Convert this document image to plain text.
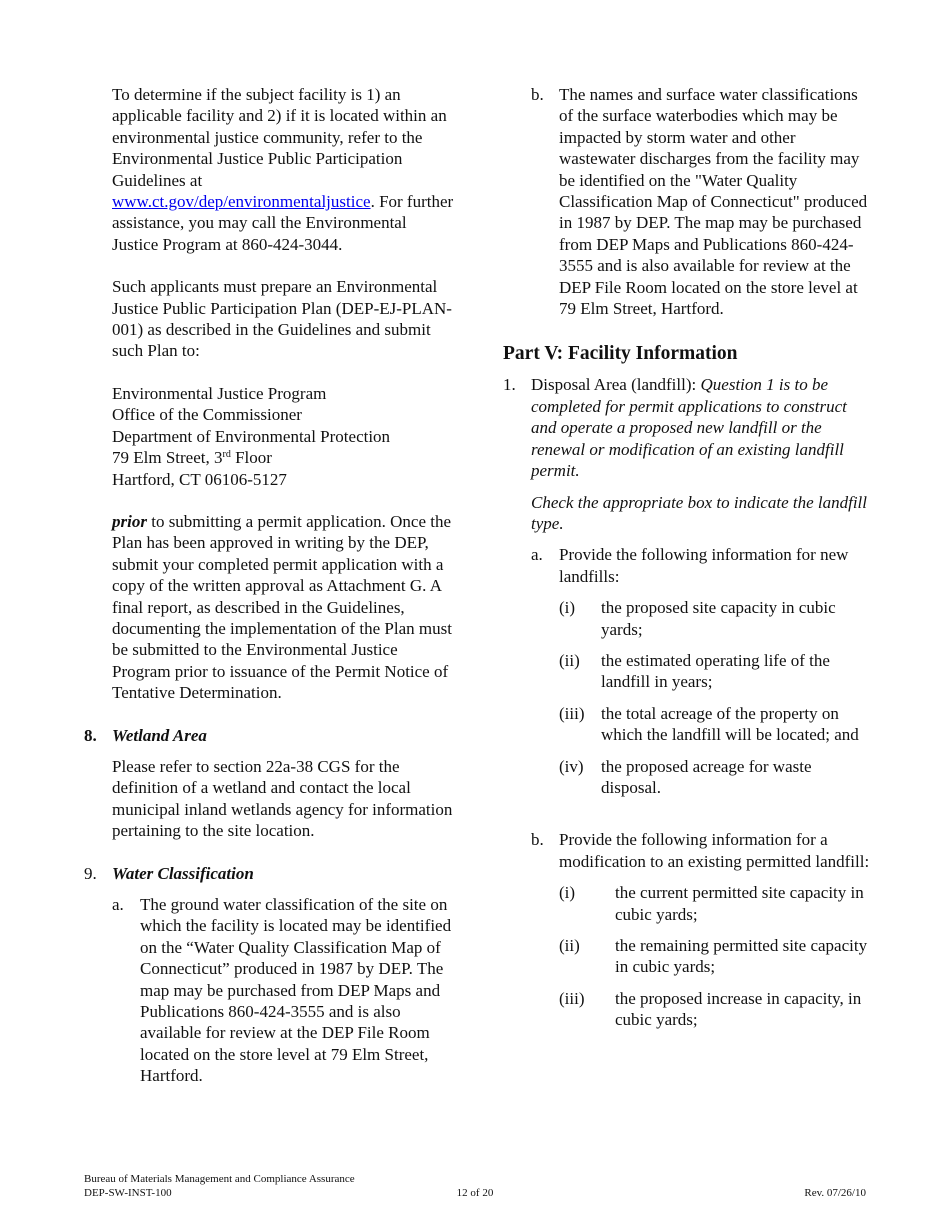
To determine if the subject facility is 1) an applicable facility and 2) if it is located within an environmental justice community, refer to the Environmental Justice Public Participation Guidelines at www.ct.gov/dep/environmentaljustice. For further assistance, you may call the Environmental Justice Program at 860-424-3044.

Such applicants must prepare an Environmental Justice Public Participation Plan (DEP-EJ-PLAN-001) as described in the Guidelines and submit such Plan to:

Environmental Justice Program

Office of the Commissioner

Department of Environmental Protection

79 Elm Street, 3rd Floor

Hartford, CT 06106-5127

prior to submitting a permit application. Once the Plan has been approved in writing by the DEP, submit your completed permit application with a copy of the written approval as Attachment G. A final report, as described in the Guidelines, documenting the implementation of the Plan must be submitted to the Environmental Justice Program prior to issuance of the Permit Notice of Tentative Determination.

8. Wetland Area

Please refer to section 22a-38 CGS for the definition of a wetland and contact the local municipal inland wetlands agency for information pertaining to the site location.

9. Water Classification
a. The ground water classification of the site on which the facility is located may be identified on the “Water Quality Classification Map of Connecticut” produced in 1987 by DEP. The map may be purchased from DEP Maps and Publications 860-424-3555 and is also available for review at the DEP File Room located on the store level at 79 Elm Street, Hartford.
b. The names and surface water classifications of the surface waterbodies which may be impacted by storm water and other wastewater discharges from the facility may be identified on the "Water Quality Classification Map of Connecticut" produced in 1987 by DEP. The map may be purchased from DEP Maps and Publications 860-424-3555 and is also available for review at the DEP File Room located on the store level at 79 Elm Street, Hartford.
Part V: Facility Information
1. Disposal Area (landfill): Question 1 is to be completed for permit applications to construct and operate a proposed new landfill or the renewal or modification of an existing landfill permit.
Check the appropriate box to indicate the landfill type.
a. Provide the following information for new landfills:
(i)	the proposed site capacity in cubic yards;
(ii)	the estimated operating life of the landfill in years;
(iii) the total acreage of the property on which the landfill will be located; and
(iv)	the proposed acreage for waste disposal.
b. Provide the following information for a modification to an existing permitted landfill:
(i)	the current permitted site capacity in cubic yards;
(ii)	the remaining permitted site capacity in cubic yards;
(iii)	the proposed increase in capacity, in cubic yards;
Bureau of Materials Management and Compliance Assurance
DEP-SW-INST-100	12 of 20	Rev. 07/26/10
